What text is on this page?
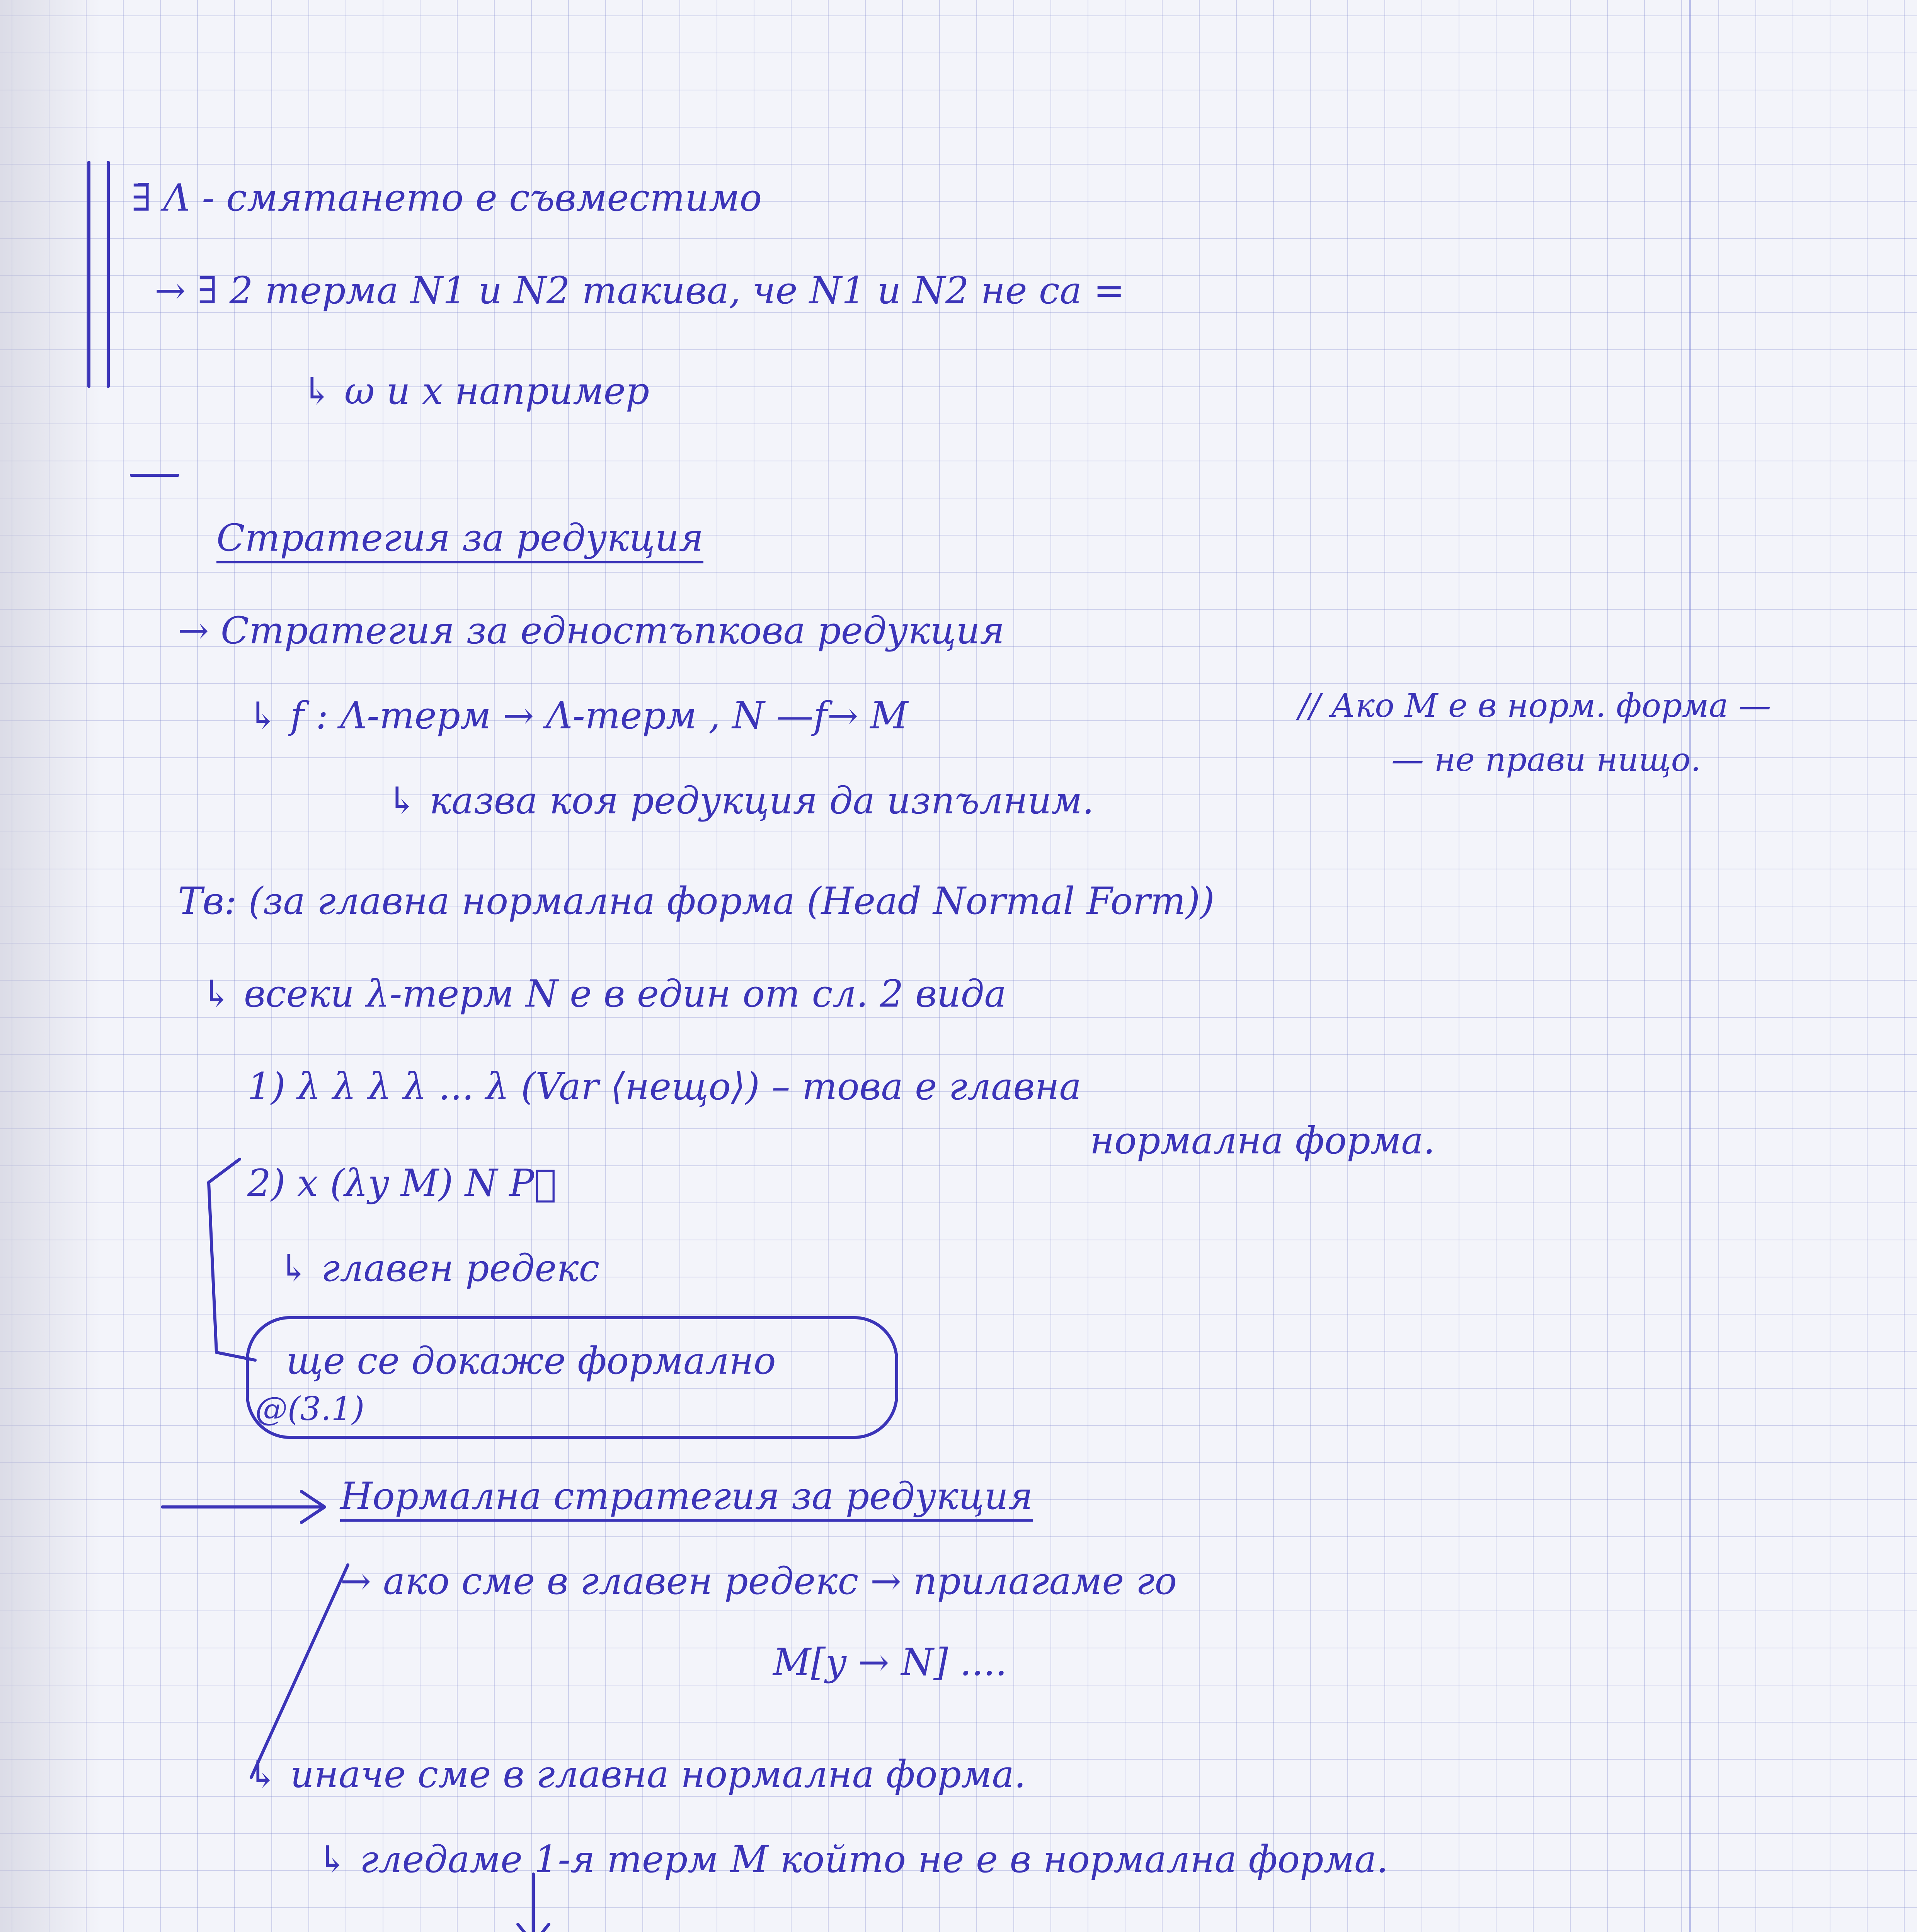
∃̄ Λ - смятането е съвместимо
→ ∃ 2 терма N1 и N2 такива, че N1 и N2 не са =
↳ ω и x например
Стратегия за редукция
→ Стратегия за едностъпкова редукция
↳ f : Λ-терм → Λ-терм , N —f→ M	// Ако M е в норм. форма —
— не прави нищо.
↳ казва коя редукция да изпълним.
Тв: (за главна нормална форма (Head Normal Form))
↳ всеки λ-терм N е в един от сл. 2 вида
1) λ λ λ λ ... λ (Var ⟨нещо⟩) – това е главна
нормална форма.
2) x (λy M) N P⃗
↳ главен редекс
ще се докаже формално
@(3.1)
Нормална стратегия за редукция
→ ако сме в главен редекс → прилагаме го
M[y → N] ....
↳ иначе сме в главна нормална форма.
↳ гледаме 1-я терм M който не е в нормална форма.
